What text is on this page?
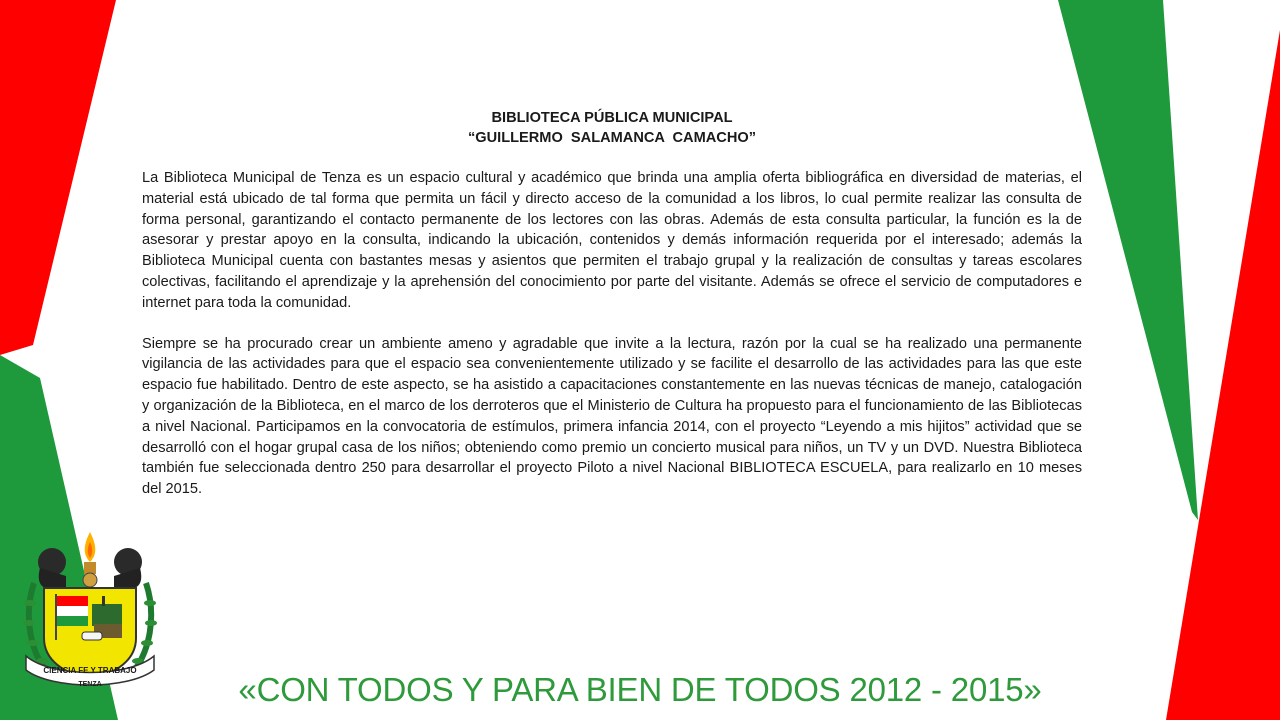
BIBLIOTECA PÚBLICA MUNICIPAL
“GUILLERMO  SALAMANCA  CAMACHO”

La Biblioteca Municipal de Tenza es un espacio cultural y académico que brinda una amplia oferta bibliográfica en diversidad de materias, el material está ubicado de tal forma que permita un fácil y directo acceso de la comunidad a los libros, lo cual permite realizar las consulta de forma personal, garantizando el contacto permanente de los lectores con las obras. Además de esta consulta particular, la función es la de asesorar y prestar apoyo en la consulta, indicando la ubicación, contenidos y demás información requerida por el interesado; además la Biblioteca Municipal cuenta con bastantes mesas y asientos que permiten el trabajo grupal y la realización de consultas y tareas escolares colectivas, facilitando el aprendizaje y la aprehensión del conocimiento por parte del visitante. Además se ofrece el servicio de computadores e internet para toda la comunidad.

Siempre se ha procurado crear un ambiente ameno y agradable que invite a la lectura, razón por la cual se ha realizado una permanente vigilancia de las actividades para que el espacio sea convenientemente utilizado y se facilite el desarrollo de las actividades para las que este espacio fue habilitado. Dentro de este aspecto, se ha asistido a capacitaciones constantemente en las nuevas técnicas de manejo, catalogación y organización de la Biblioteca, en el marco de los derroteros que el Ministerio de Cultura ha propuesto para el funcionamiento de las Bibliotecas a nivel Nacional. Participamos en la convocatoria de estímulos, primera infancia 2014, con el proyecto “Leyendo a mis hijitos” actividad que se desarrolló con el hogar grupal casa de los niños; obteniendo como premio un concierto musical para niños, un TV y un DVD. Nuestra Biblioteca también fue seleccionada dentro 250 para desarrollar el proyecto Piloto a nivel Nacional BIBLIOTECA ESCUELA, para realizarlo en 10 meses del 2015.

CIENCIA FE Y TRABAJO
TENZA	«CON TODOS Y PARA BIEN DE TODOS 2012 - 2015»
